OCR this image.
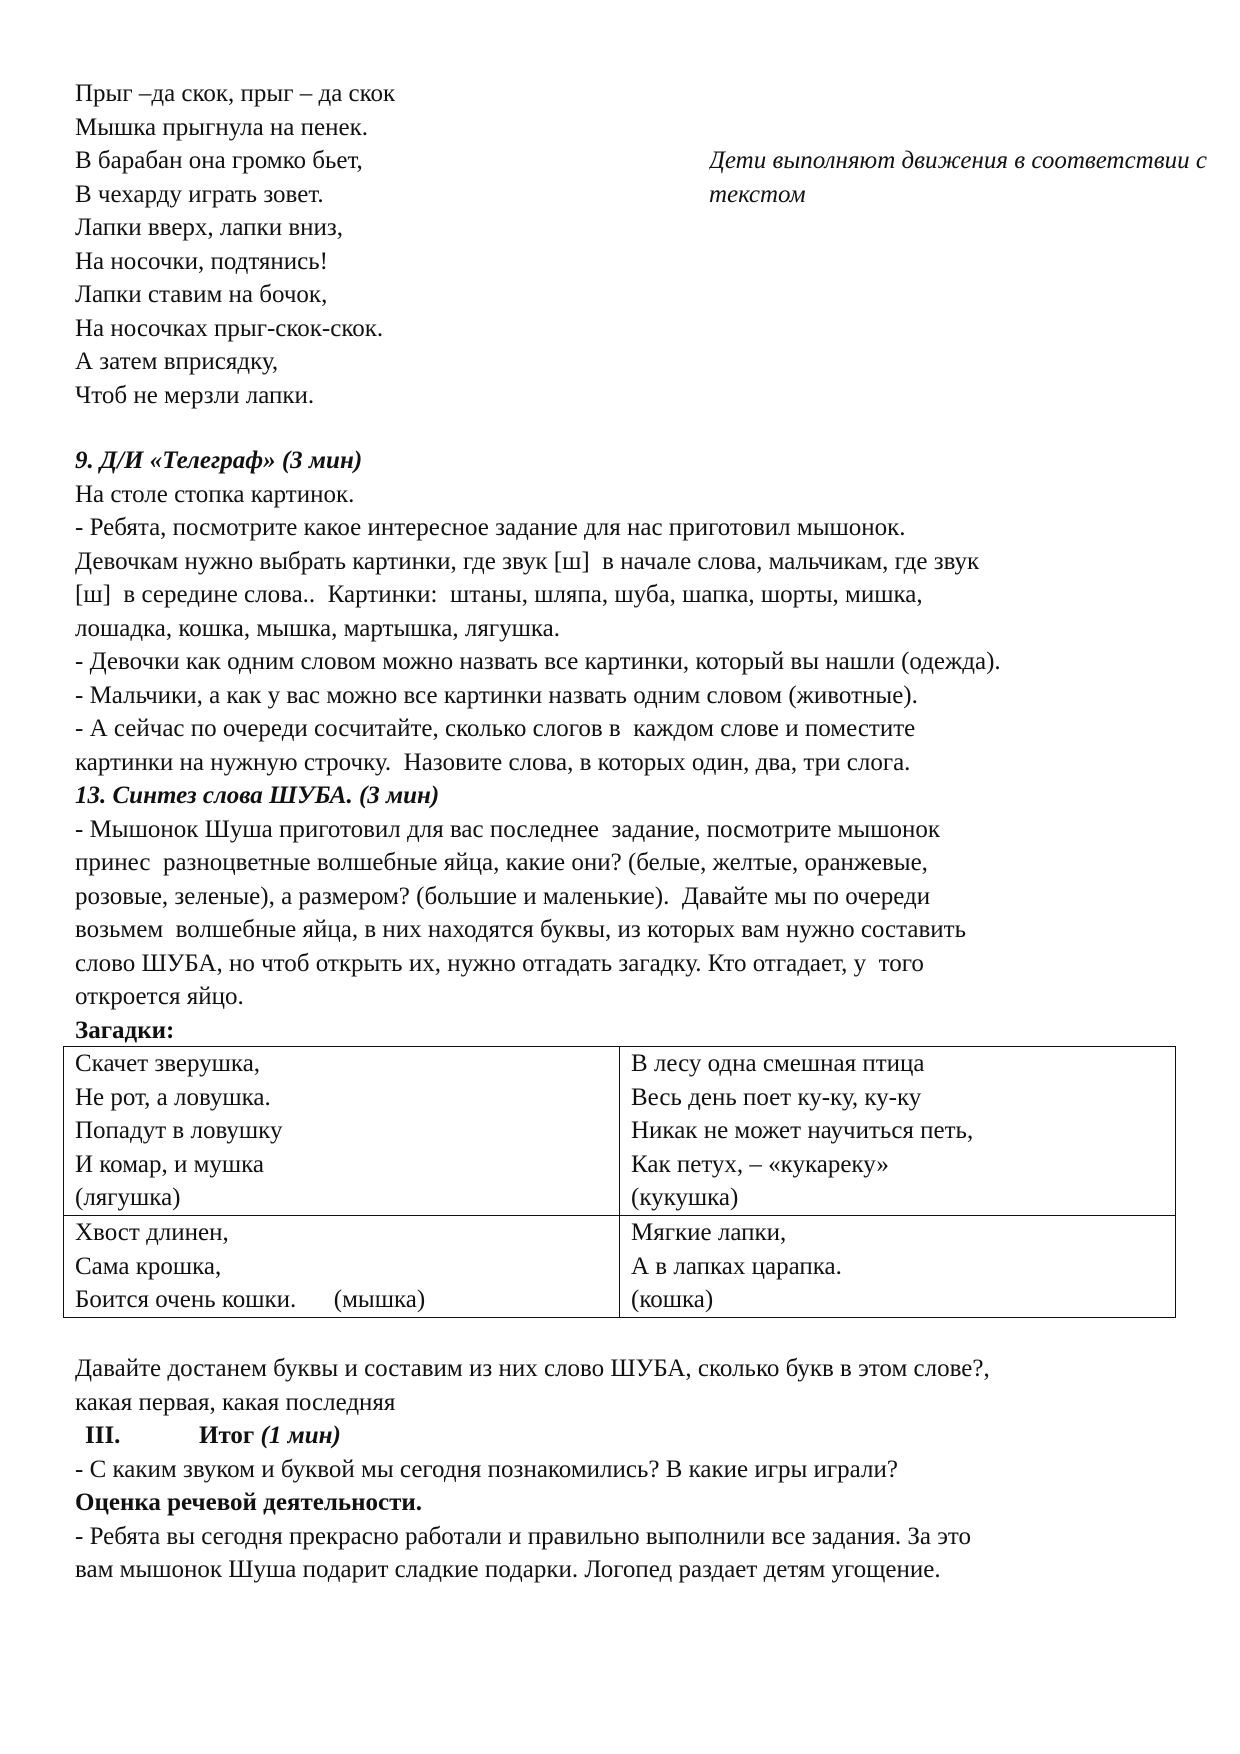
Прыг –да скок, прыг – да скок
Мышка прыгнула на пенек.
В барабан она громко бьет,
В чехарду играть зовет.
Лапки вверх, лапки вниз,
На носочки, подтянись!
Лапки ставим на бочок,
На носочках прыг-скок-скок.
А затем вприсядку,
Чтоб не мерзли лапки.
Дети выполняют движения в соответствии с
текстом
9. Д/И «Телеграф» (3 мин)
На столе стопка картинок.
- Ребята, посмотрите какое интересное задание для нас приготовил мышонок.
Девочкам нужно выбрать картинки, где звук [ш]  в начале слова, мальчикам, где звук
[ш]  в середине слова..  Картинки:  штаны, шляпа, шуба, шапка, шорты, мишка,
лошадка, кошка, мышка, мартышка, лягушка.
- Девочки как одним словом можно назвать все картинки, который вы нашли (одежда).
- Мальчики, а как у вас можно все картинки назвать одним словом (животные).
- А сейчас по очереди сосчитайте, сколько слогов в  каждом слове и поместите
картинки на нужную строчку.  Назовите слова, в которых один, два, три слога.
13. Синтез слова ШУБА. (3 мин)
- Мышонок Шуша приготовил для вас последнее  задание, посмотрите мышонок
принес  разноцветные волшебные яйца, какие они? (белые, желтые, оранжевые,
розовые, зеленые), а размером? (большие и маленькие).  Давайте мы по очереди
возьмем  волшебные яйца, в них находятся буквы, из которых вам нужно составить
слово ШУБА, но чтоб открыть их, нужно отгадать загадку. Кто отгадает, у  того
откроется яйцо.
Загадки:
Скачет зверушка,
Не рот, а ловушка.
Попадут в ловушку
И комар, и мушка
(лягушка)	В лесу одна смешная птица
Весь день поет ку-ку, ку-ку
Никак не может научиться петь,
Как петух, – «кукареку»
(кукушка)

Хвост длинен,
Сама крошка,
Боится очень кошки.      (мышка)	Мягкие лапки,
А в лапках царапка.
(кошка)
Давайте достанем буквы и составим из них слово ШУБА, сколько букв в этом слове?,
какая первая, какая последняя
III.	Итог (1 мин)
- С каким звуком и буквой мы сегодня познакомились? В какие игры играли?
Оценка речевой деятельности.
- Ребята вы сегодня прекрасно работали и правильно выполнили все задания. За это
вам мышонок Шуша подарит сладкие подарки. Логопед раздает детям угощение.
